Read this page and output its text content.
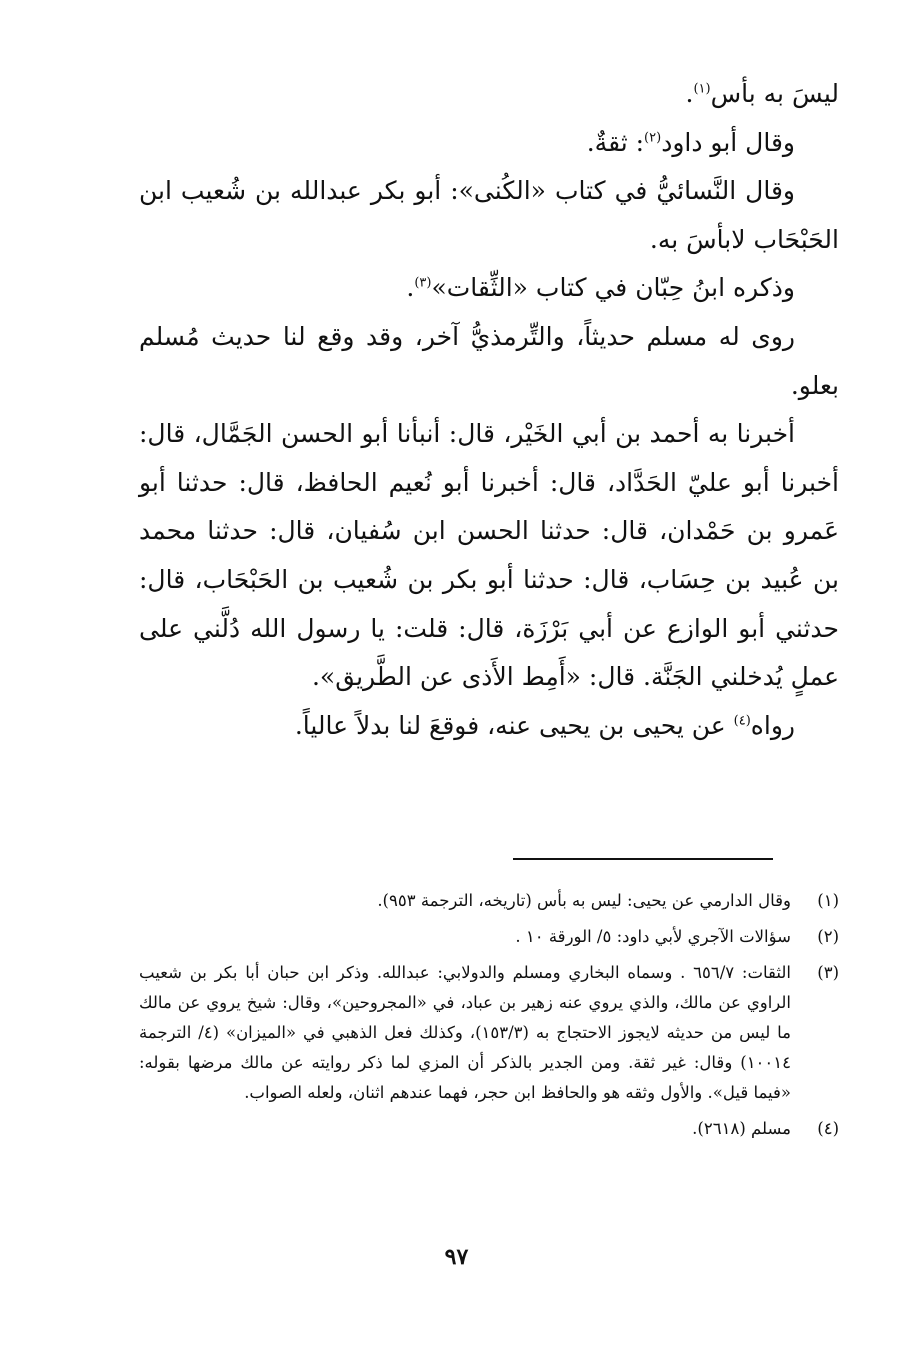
ليسَ به بأس$^{(١)}$.

وقال أبو داود$^{(٢)}$: ثقةٌ.

وقال النَّسائيُّ في كتاب «الكُنى»: أبو بكر عبدالله بن شُعيب ابن الحَبْحَاب لابأسَ به.

وذكره ابنُ حِبّان في كتاب «الثِّقات»$^{(٣)}$.

روى له مسلم حديثاً، والتِّرمذيُّ آخر، وقد وقع لنا حديث مُسلم بعلو.

أخبرنا به أحمد بن أبي الخَيْر، قال: أنبأنا أبو الحسن الجَمَّال، قال: أخبرنا أبو عليّ الحَدَّاد، قال: أخبرنا أبو نُعيم الحافظ، قال: حدثنا أبو عَمرو بن حَمْدان، قال: حدثنا الحسن ابن سُفيان، قال: حدثنا محمد بن عُبيد بن حِسَاب، قال: حدثنا أبو بكر بن شُعيب بن الحَبْحَاب، قال: حدثني أبو الوازع عن أبي بَرْزَة، قال: قلت: يا رسول الله دُلَّني على عملٍ يُدخلني الجَنَّة. قال: «أَمِط الأَذى عن الطَّريق».

رواه$^{(٤)}$ عن يحيى بن يحيى عنه، فوقعَ لنا بدلاً عالياً.

(١)
وقال الدارمي عن يحيى: ليس به بأس (تاريخه، الترجمة ٩٥٣).
(٢)
سؤالات الآجري لأبي داود: ٥/ الورقة ١٠ .
(٣)
الثقات: ٦٥٦/٧ . وسماه البخاري ومسلم والدولابي: عبدالله. وذكر ابن حبان أبا بكر بن شعيب الراوي عن مالك، والذي يروي عنه زهير بن عباد، في «المجروحين»، وقال: شيخ يروي عن مالك ما ليس من حديثه لايجوز الاحتجاج به (١٥٣/٣)، وكذلك فعل الذهبي في «الميزان» (٤/ الترجمة ١٠٠١٤) وقال: غير ثقة. ومن الجدير بالذكر أن المزي لما ذكر روايته عن مالك مرضها بقوله: «فيما قيل». والأول وثقه هو والحافظ ابن حجر، فهما عندهم اثنان، ولعله الصواب.
(٤)
مسلم (٢٦١٨).
٩٧
